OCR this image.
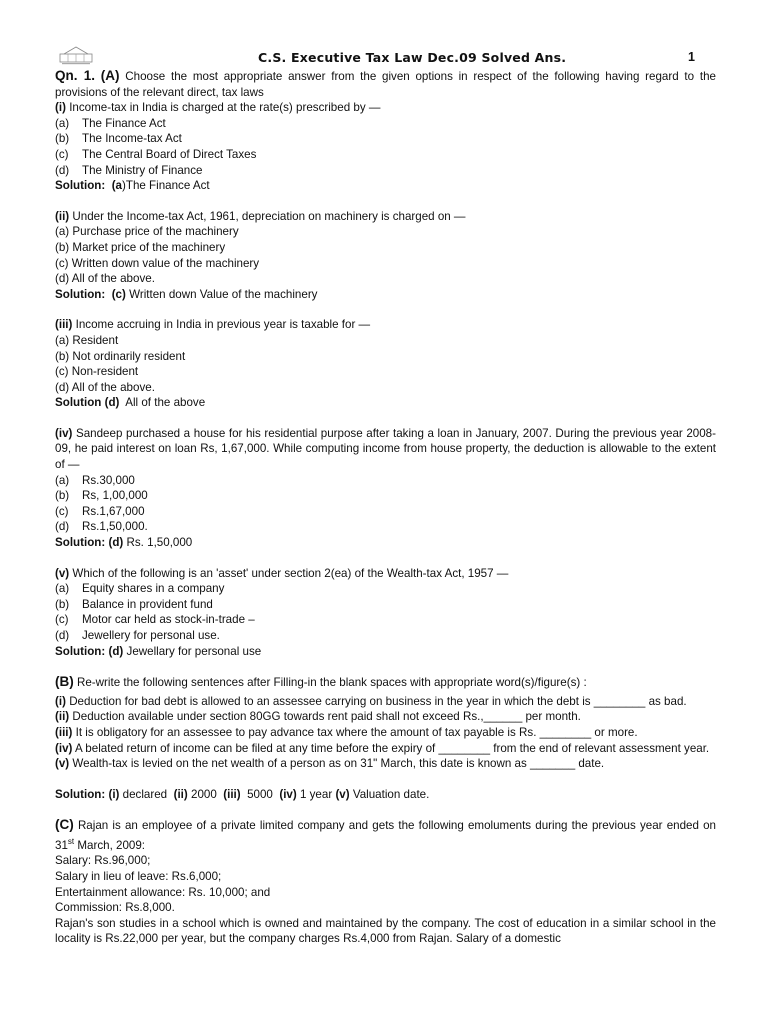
C.S. Executive Tax Law Dec.09 Solved Ans.	1
Qn. 1. (A) Choose the most appropriate answer from the given options in respect of the following having regard to the provisions of the relevant direct, tax laws
(i) Income-tax in India is charged at the rate(s) prescribed by —
(a) The Finance Act
(b) The Income-tax Act
(c) The Central Board of Direct Taxes
(d) The Ministry of Finance
Solution: (a)The Finance Act
(ii) Under the Income-tax Act, 1961, depreciation on machinery is charged on —
(a) Purchase price of the machinery
(b) Market price of the machinery
(c) Written down value of the machinery
(d) All of the above.
Solution: (c) Written down Value of the machinery
(iii) Income accruing in India in previous year is taxable for —
(a) Resident
(b) Not ordinarily resident
(c) Non-resident
(d) All of the above.
Solution (d) All of the above
(iv) Sandeep purchased a house for his residential purpose after taking a loan in January, 2007. During the previous year 2008-09, he paid interest on loan Rs, 1,67,000. While computing income from house property, the deduction is allowable to the extent of —
(a) Rs.30,000
(b) Rs, 1,00,000
(c) Rs.1,67,000
(d) Rs.1,50,000.
Solution: (d) Rs. 1,50,000
(v) Which of the following is an 'asset' under section 2(ea) of the Wealth-tax Act, 1957 —
(a) Equity shares in a company
(b) Balance in provident fund
(c) Motor car held as stock-in-trade –
(d) Jewellery for personal use.
Solution: (d) Jewellary for personal use
(B) Re-write the following sentences after Filling-in the blank spaces with appropriate word(s)/figure(s) :
(i) Deduction for bad debt is allowed to an assessee carrying on business in the year in which the debt is ________ as bad.
(ii) Deduction available under section 80GG towards rent paid shall not exceed Rs.,______ per month.
(iii) It is obligatory for an assessee to pay advance tax where the amount of tax payable is Rs. ________ or more.
(iv) A belated return of income can be filed at any time before the expiry of ________ from the end of relevant assessment year.
(v) Wealth-tax is levied on the net wealth of a person as on 31" March, this date is known as _______ date.
Solution: (i) declared (ii) 2000 (iii) 5000 (iv) 1 year (v) Valuation date.
(C) Rajan is an employee of a private limited company and gets the following emoluments during the previous year ended on 31st March, 2009:
Salary: Rs.96,000;
Salary in lieu of leave: Rs.6,000;
Entertainment allowance: Rs. 10,000; and
Commission: Rs.8,000.
Rajan's son studies in a school which is owned and maintained by the company. The cost of education in a similar school in the locality is Rs.22,000 per year, but the company charges Rs.4,000 from Rajan. Salary of a domestic
